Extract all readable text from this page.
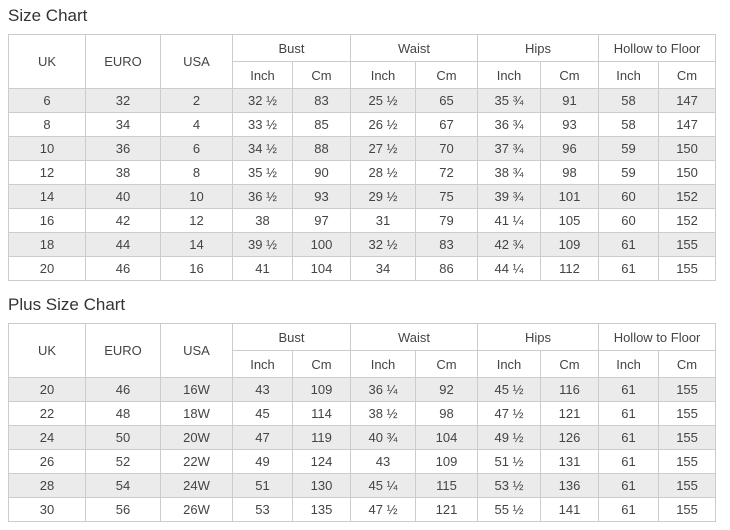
Size Chart
UK	EURO	USA	Bust		Waist		Hips		Hollow to Floor	
			Inch	Cm	Inch	Cm	Inch	Cm	Inch	Cm
6	32	2	32 ½	83	25 ½	65	35 ¾	91	58	147
8	34	4	33 ½	85	26 ½	67	36 ¾	93	58	147
10	36	6	34 ½	88	27 ½	70	37 ¾	96	59	150
12	38	8	35 ½	90	28 ½	72	38 ¾	98	59	150
14	40	10	36 ½	93	29 ½	75	39 ¾	101	60	152
16	42	12	38	97	31	79	41 ¼	105	60	152
18	44	14	39 ½	100	32 ½	83	42 ¾	109	61	155
20	46	16	41	104	34	86	44 ¼	112	61	155
Plus Size Chart
UK	EURO	USA	Bust		Waist		Hips		Hollow to Floor	
			Inch	Cm	Inch	Cm	Inch	Cm	Inch	Cm
20	46	16W	43	109	36 ¼	92	45 ½	116	61	155
22	48	18W	45	114	38 ½	98	47 ½	121	61	155
24	50	20W	47	119	40 ¾	104	49 ½	126	61	155
26	52	22W	49	124	43	109	51 ½	131	61	155
28	54	24W	51	130	45 ¼	115	53 ½	136	61	155
30	56	26W	53	135	47 ½	121	55 ½	141	61	155
